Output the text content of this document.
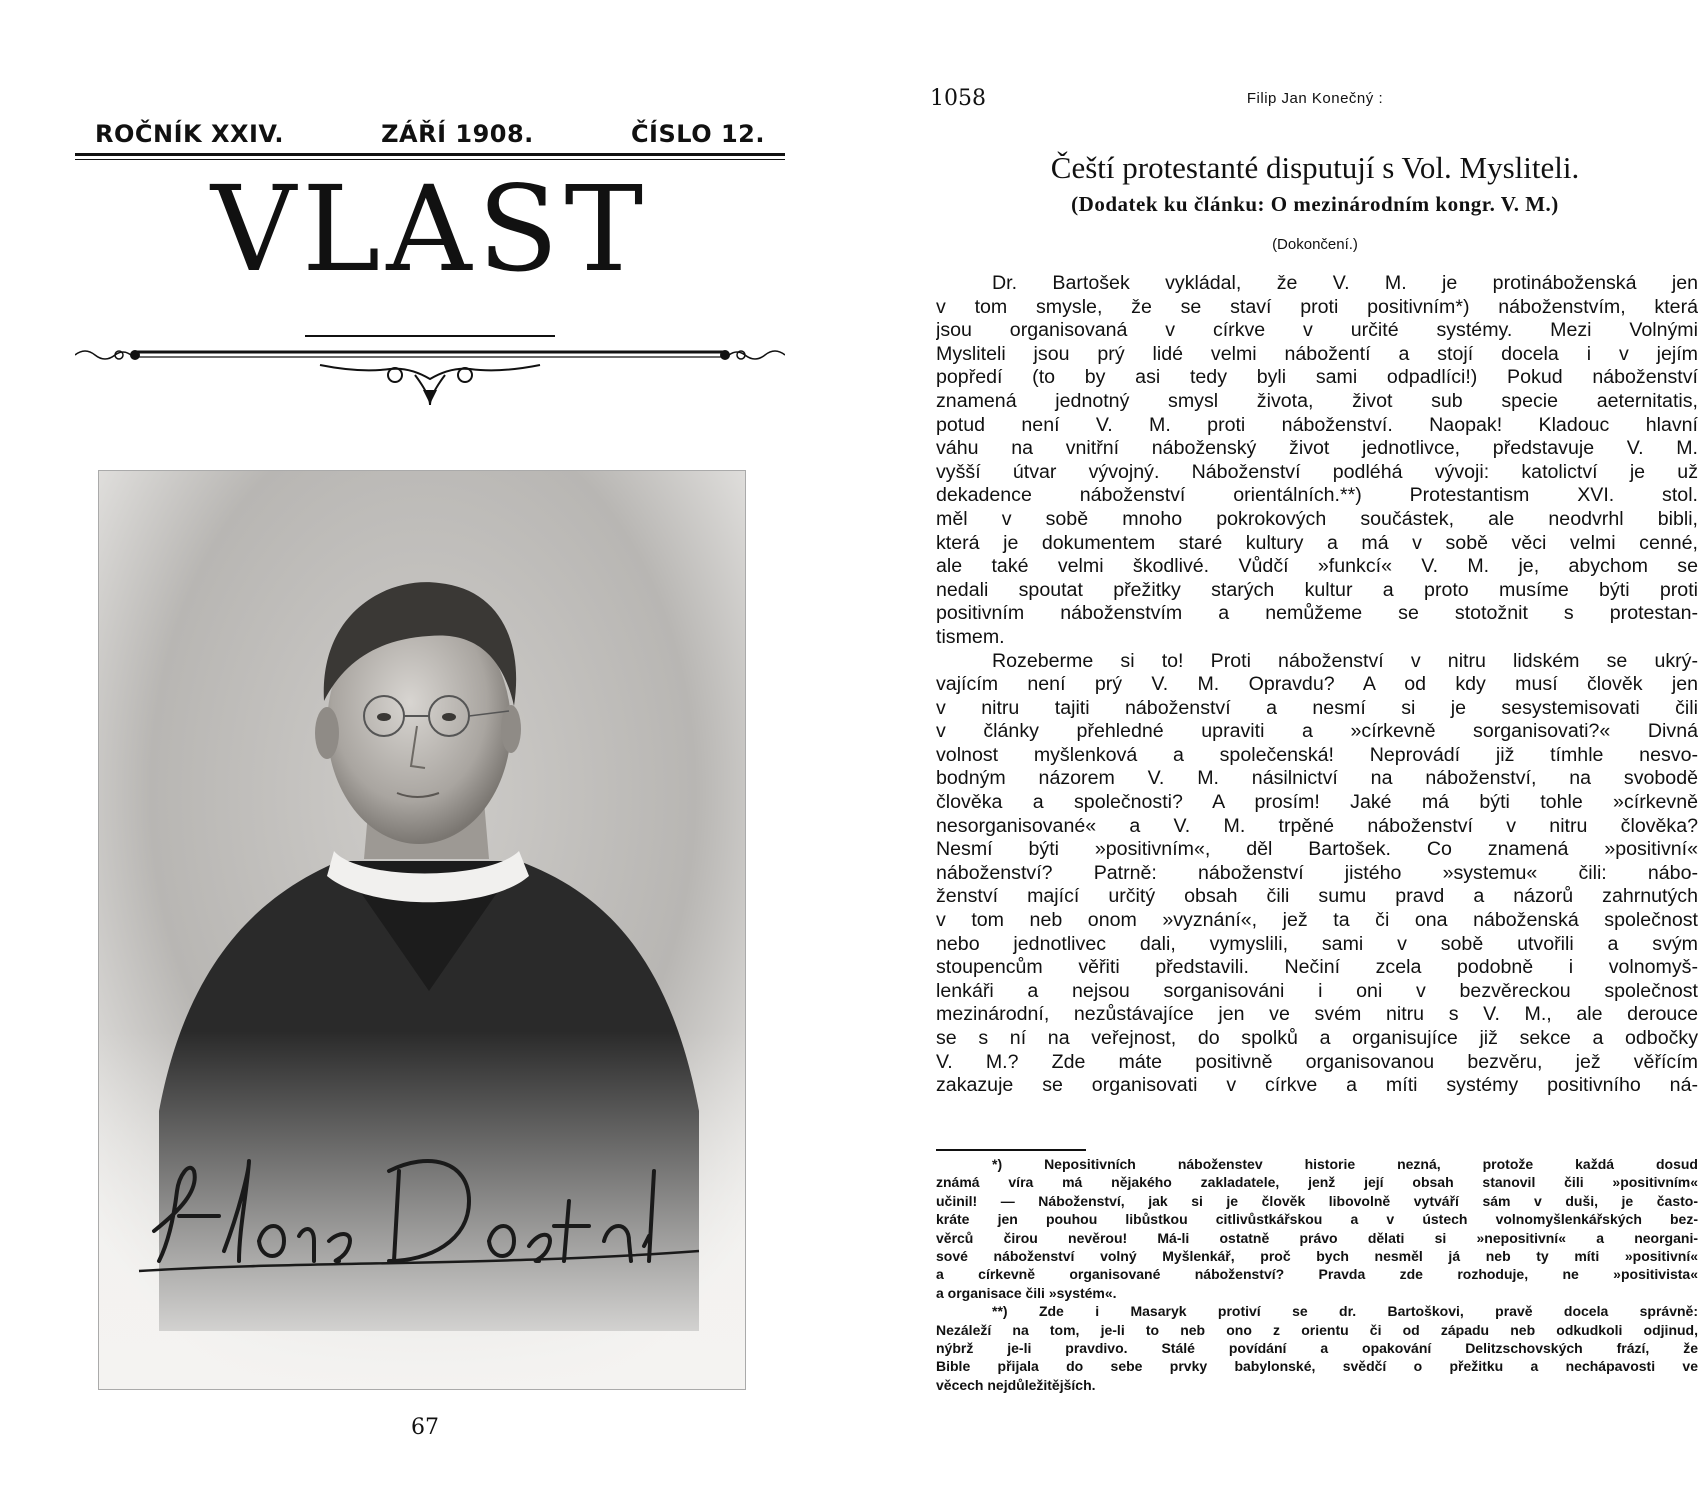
ROČNÍK XXIV.	ZÁŘÍ 1908.	ČÍSLO 12.
VLAST
67
1058	Filip Jan Konečný :
Čeští protestanté disputují s Vol. Mysliteli.
(Dodatek ku článku: O mezinárodním kongr. V. M.)
(Dokončení.)
Dr. Bartošek vykládal, že V. M. je protináboženská jen
v tom smysle, že se staví proti positivním*) náboženstvím, která
jsou organisovaná v církve v určité systémy. Mezi Volnými
Mysliteli jsou prý lidé velmi nábožentí a stojí docela i v jejím
popředí (to by asi tedy byli sami odpadlíci!) Pokud náboženství
znamená jednotný smysl života, život sub specie aeternitatis,
potud není V. M. proti náboženství. Naopak! Kladouc hlavní
váhu na vnitřní náboženský život jednotlivce, představuje V. M.
vyšší útvar vývojný. Náboženství podléhá vývoji: katolictví je už
dekadence náboženství orientálních.**) Protestantism XVI. stol.
měl v sobě mnoho pokrokových součástek, ale neodvrhl bibli,
která je dokumentem staré kultury a má v sobě věci velmi cenné,
ale také velmi škodlivé. Vůdčí »funkcí« V. M. je, abychom se
nedali spoutat přežitky starých kultur a proto musíme býti proti
positivním náboženstvím a nemůžeme se stotožnit s protestan-
tismem.
Rozeberme si to! Proti náboženství v nitru lidském se ukrý-
vajícím není prý V. M. Opravdu? A od kdy musí člověk jen
v nitru tajiti náboženství a nesmí si je sesystemisovati čili
v články přehledné upraviti a »církevně sorganisovati?« Divná
volnost myšlenková a společenská! Neprovádí již tímhle nesvo-
bodným názorem V. M. násilnictví na náboženství, na svobodě
člověka a společnosti? A prosím! Jaké má býti tohle »církevně
nesorganisované« a V. M. trpěné náboženství v nitru člověka?
Nesmí býti »positivním«, děl Bartošek. Co znamená »positivní«
náboženství? Patrně: náboženství jistého »systemu« čili: nábo-
ženství mající určitý obsah čili sumu pravd a názorů zahrnutých
v tom neb onom »vyznání«, jež ta či ona náboženská společnost
nebo jednotlivec dali, vymyslili, sami v sobě utvořili a svým
stoupencům věřiti představili. Nečiní zcela podobně i volnomyš-
lenkáři a nejsou sorganisováni i oni v bezvěreckou společnost
mezinárodní, nezůstávajíce jen ve svém nitru s V. M., ale derouce
se s ní na veřejnost, do spolků a organisujíce již sekce a odbočky
V. M.? Zde máte positivně organisovanou bezvěru, jež věřícím
zakazuje se organisovati v církve a míti systémy positivního ná-
*) Nepositivních náboženstev historie nezná, protože každá dosud
známá víra má nějakého zakladatele, jenž její obsah stanovil čili »positivním«
učinil! — Náboženství, jak si je člověk libovolně vytváří sám v duši, je často-
kráte jen pouhou libůstkou citlivůstkářskou a v ústech volnomyšlenkářských bez-
věrců čirou nevěrou! Má-li ostatně právo dělati si »nepositivní« a neorgani-
sové náboženství volný Myšlenkář, proč bych nesměl já neb ty míti »positivní«
a církevně organisované náboženství? Pravda zde rozhoduje, ne »positivista«
a organisace čili »systém«.
**) Zde i Masaryk protiví se dr. Bartoškovi, pravě docela správně:
Nezáleží na tom, je-li to neb ono z orientu či od západu neb odkudkoli odjinud,
nýbrž je-li pravdivo. Stálé povídání a opakování Delitzschovských frází, že
Bible přijala do sebe prvky babylonské, svědčí o přežitku a nechápavosti ve
věcech nejdůležitějších.
